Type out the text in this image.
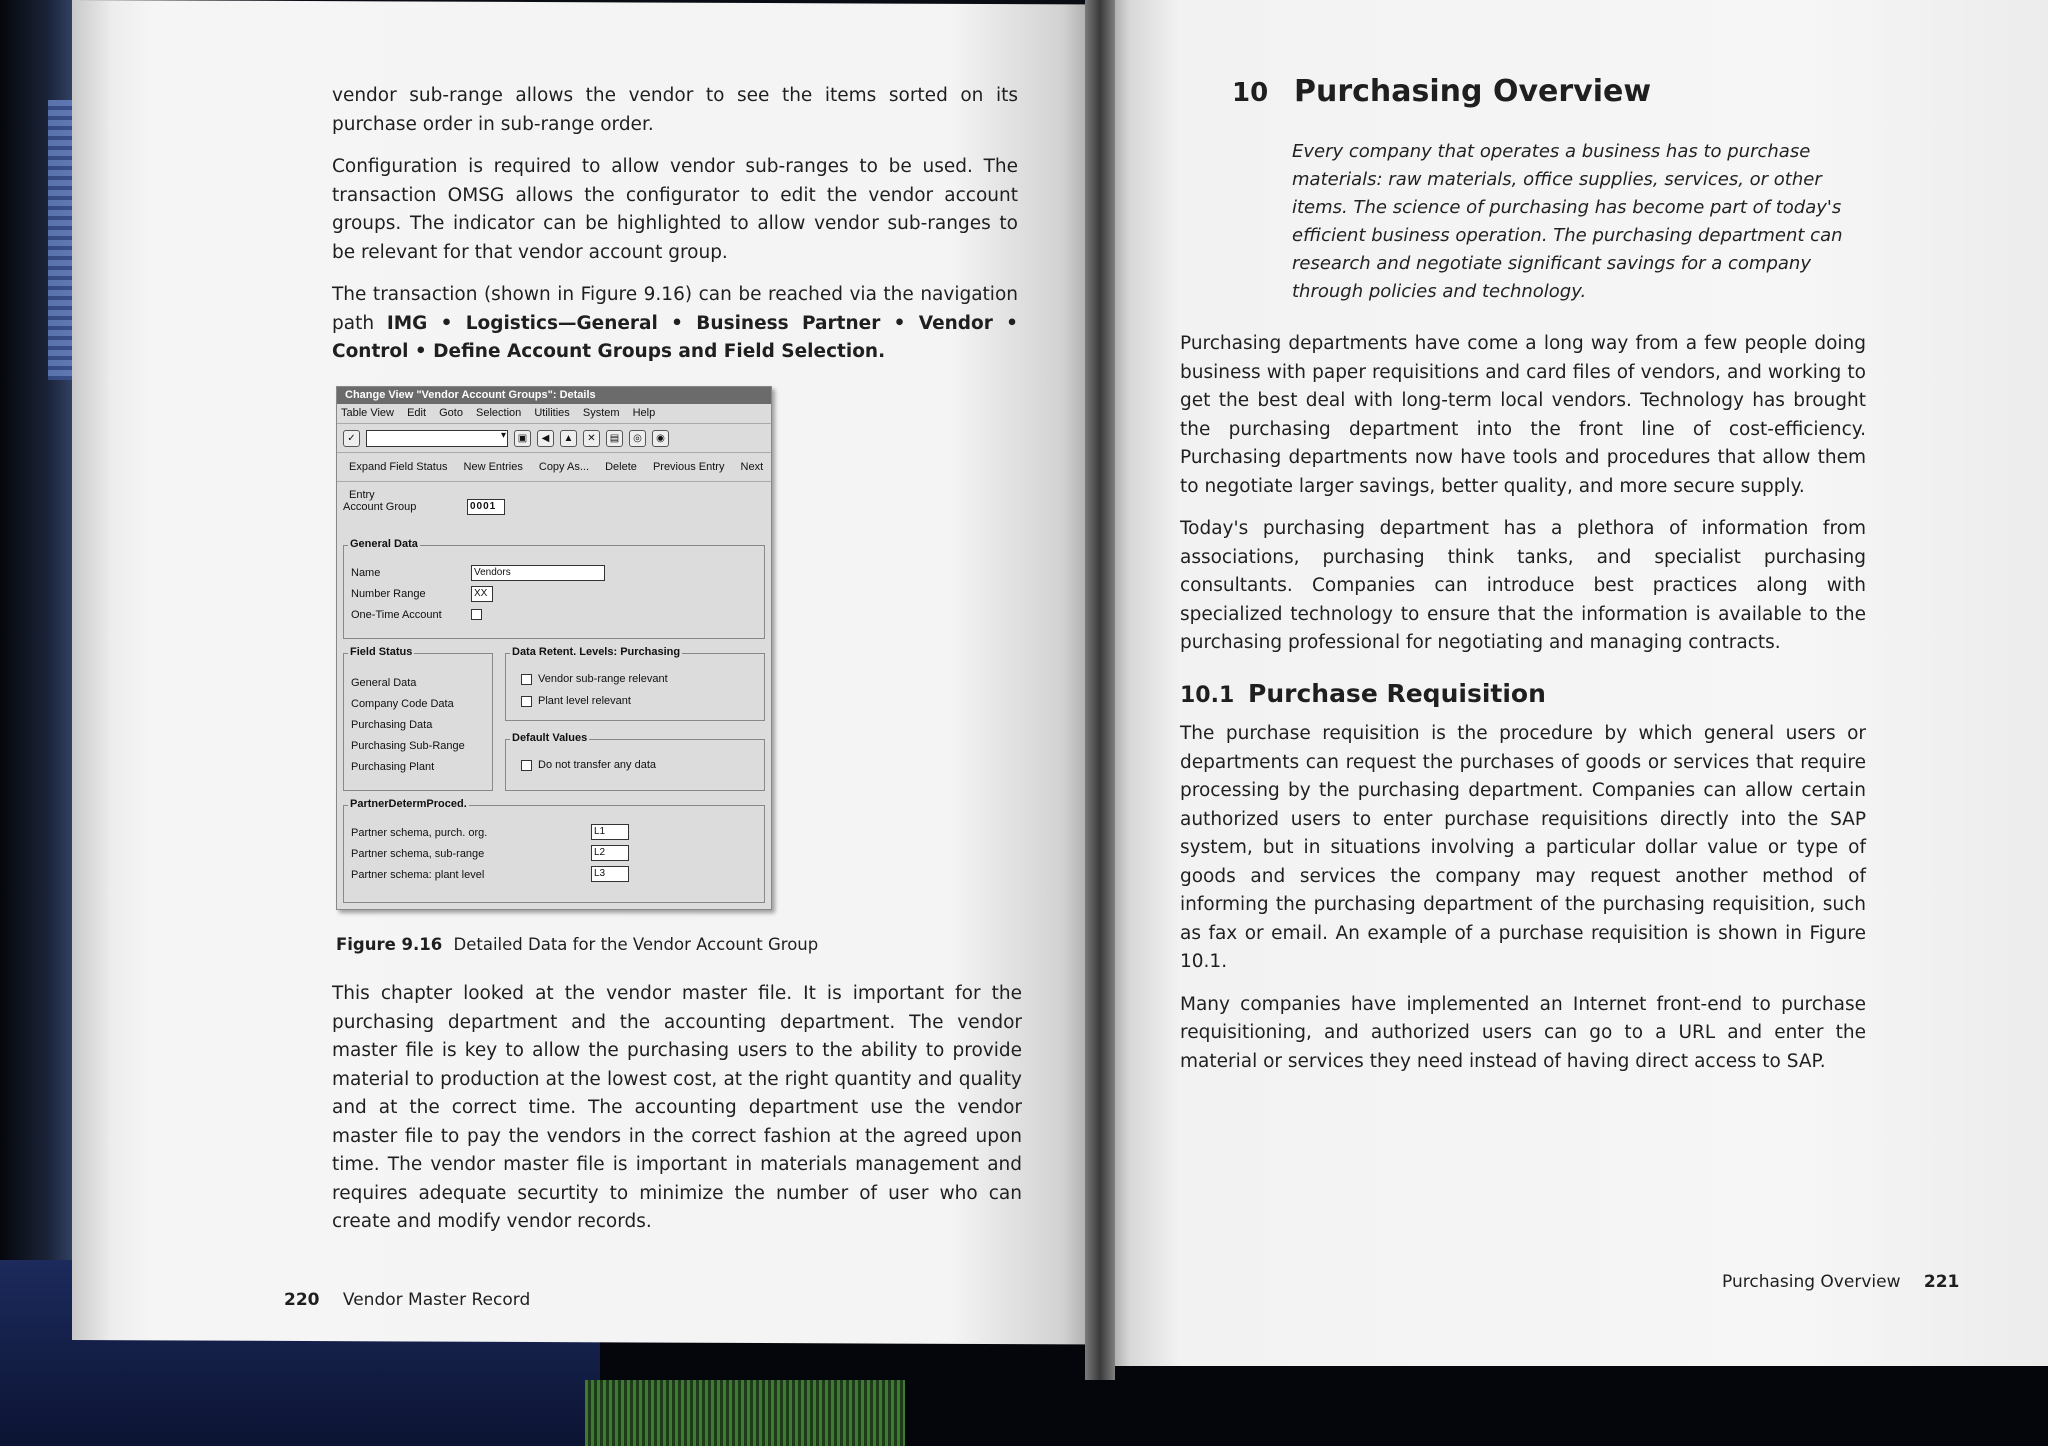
vendor sub-range allows the vendor to see the items sorted on its purchase order in sub-range order.

Configuration is required to allow vendor sub-ranges to be used. The transaction OMSG allows the configurator to edit the vendor account groups. The indicator can be highlighted to allow vendor sub-ranges to be relevant for that vendor account group.

The transaction (shown in Figure 9.16) can be reached via the navigation path IMG • Logistics—General • Business Partner • Vendor • Control • Define Account Groups and Field Selection.

Change View "Vendor Account Groups": Details
Table View Edit Goto Selection Utilities System Help
✓
▾	▣	◀	▲	✕	▤	◎	◉
Expand Field Status New Entries Copy As... Delete Previous Entry Next Entry
Account Group	0001
General Data
Name	Vendors
Number Range	XX
One-Time Account
Field Status
General Data
Company Code Data
Purchasing Data
Purchasing Sub-Range
Purchasing Plant
Data Retent. Levels: Purchasing
Vendor sub-range relevant
Plant level relevant
Default Values
Do not transfer any data
PartnerDetermProced.
Partner schema, purch. org.	L1
Partner schema, sub-range	L2
Partner schema: plant level	L3
Figure 9.16 Detailed Data for the Vendor Account Group

This chapter looked at the vendor master file. It is important for the purchasing department and the accounting department. The vendor master file is key to allow the purchasing users to the ability to provide material to production at the lowest cost, at the right quantity and quality and at the correct time. The accounting department use the vendor master file to pay the vendors in the correct fashion at the agreed upon time. The vendor master file is important in materials management and requires adequate securtity to minimize the number of user who can create and modify vendor records.

220 Vendor Master Record
10 Purchasing Overview
Every company that operates a business has to purchase materials: raw materials, office supplies, services, or other items. The science of purchasing has become part of today's efficient business operation. The purchasing department can research and negotiate significant savings for a company through policies and technology.

Purchasing departments have come a long way from a few people doing business with paper requisitions and card files of vendors, and working to get the best deal with long-term local vendors. Technology has brought the purchasing department into the front line of cost-efficiency. Purchasing departments now have tools and procedures that allow them to negotiate larger savings, better quality, and more secure supply.

Today's purchasing department has a plethora of information from associations, purchasing think tanks, and specialist purchasing consultants. Companies can introduce best practices along with specialized technology to ensure that the information is available to the purchasing professional for negotiating and managing contracts.

10.1 Purchase Requisition

The purchase requisition is the procedure by which general users or departments can request the purchases of goods or services that require processing by the purchasing department. Companies can allow certain authorized users to enter purchase requisitions directly into the SAP system, but in situations involving a particular dollar value or type of goods and services the company may request another method of informing the purchasing department of the purchasing requisition, such as fax or email. An example of a purchase requisition is shown in Figure 10.1.

Many companies have implemented an Internet front-end to purchase requisitioning, and authorized users can go to a URL and enter the material or services they need instead of having direct access to SAP.

Purchasing Overview 221
